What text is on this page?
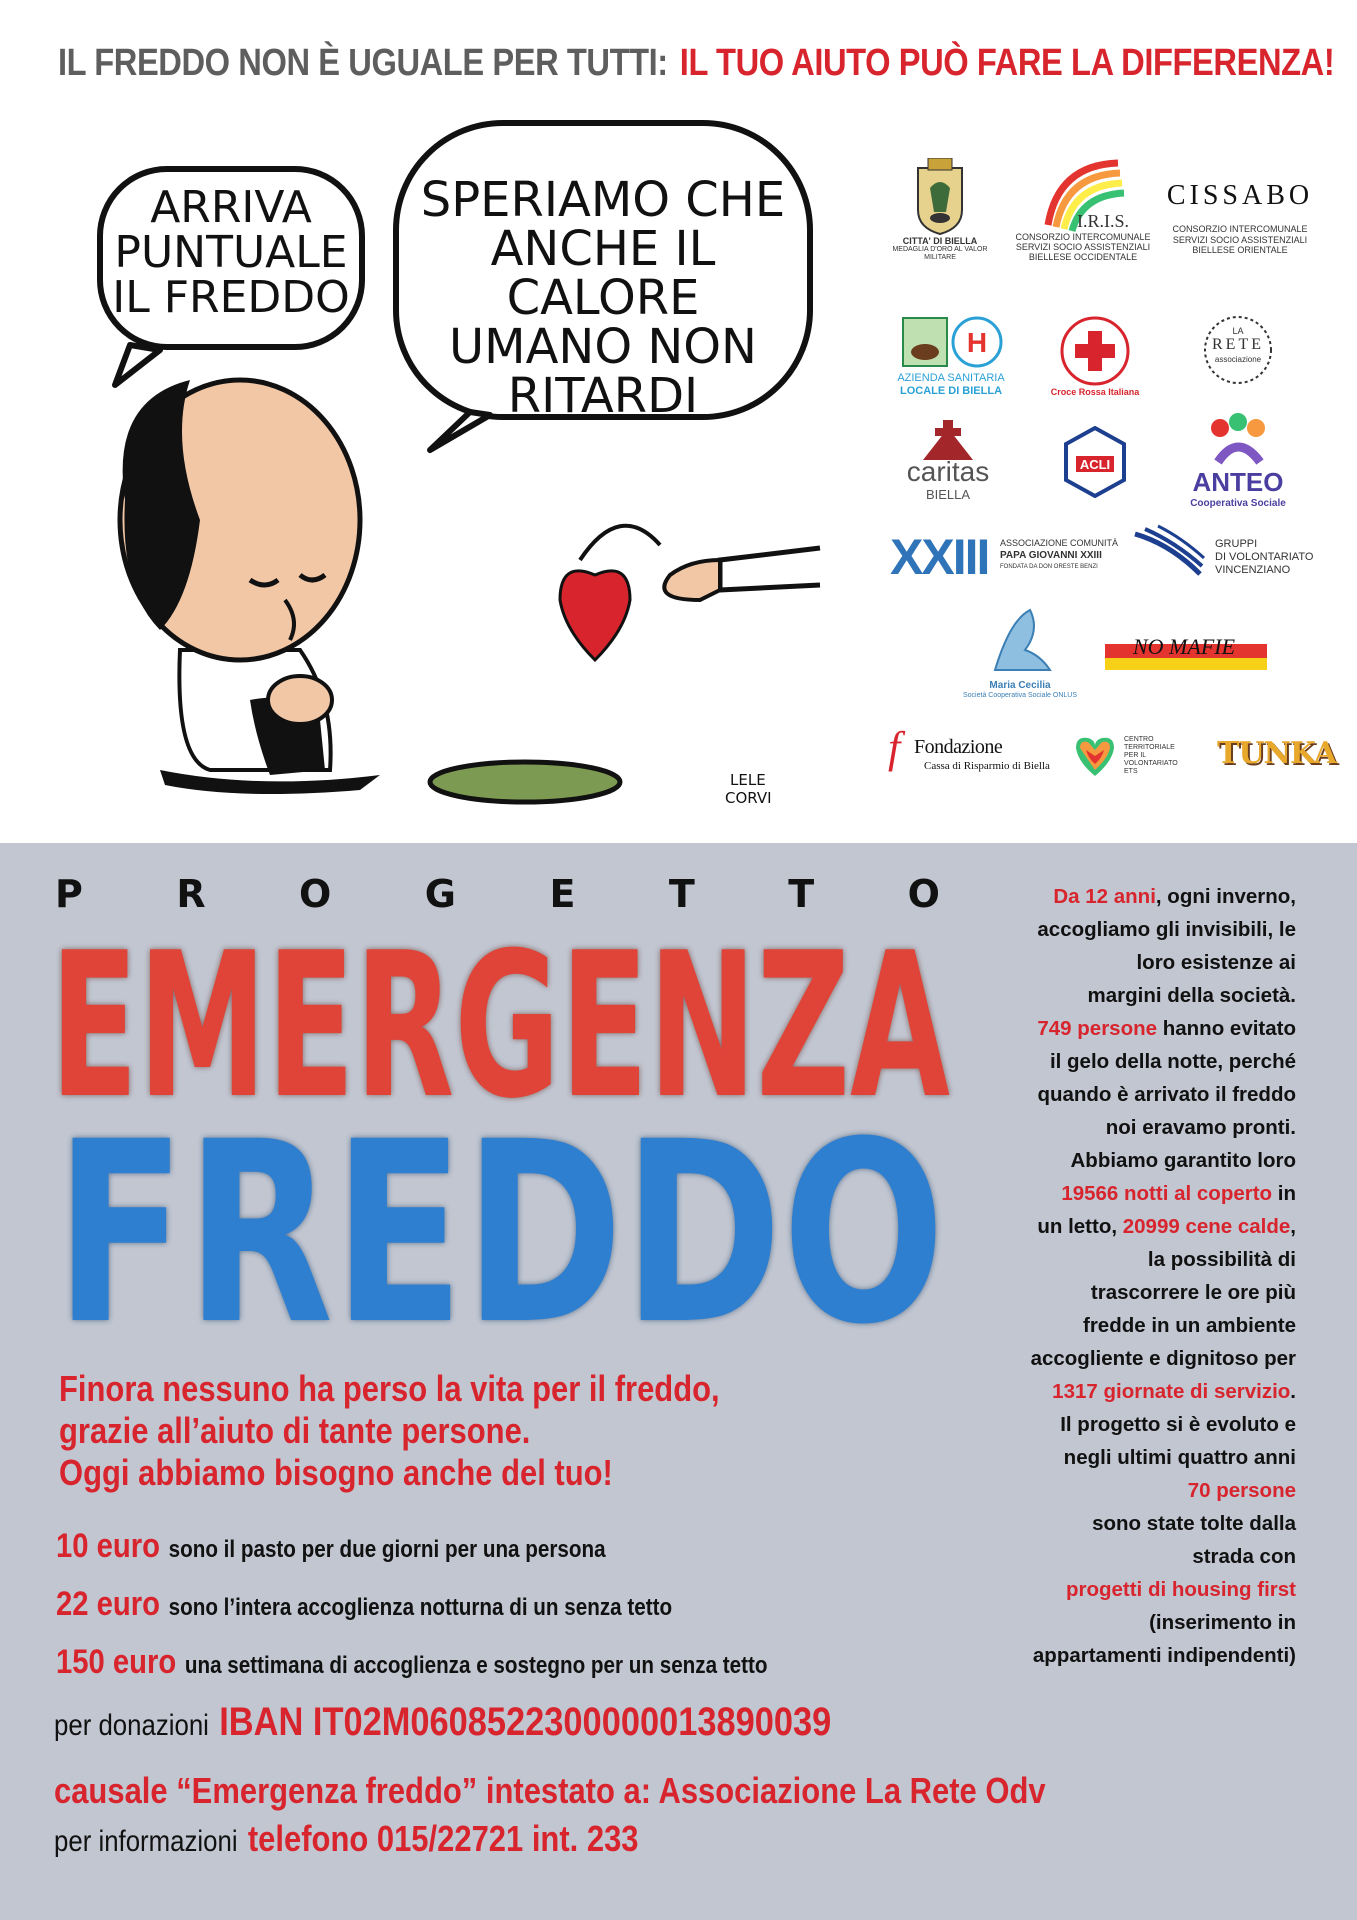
IL FREDDO NON È UGUALE PER TUTTI: IL TUO AIUTO PUÒ FARE LA DIFFERENZA!
ARRIVA
PUNTUALE
IL FREDDO
SPERIAMO CHE
ANCHE IL CALORE
UMANO NON
RITARDI
LELE
CORVI
CITTA' DI BIELLA
MEDAGLIA D'ORO AL VALOR MILITARE
I.R.I.S.
CONSORZIO INTERCOMUNALE
SERVIZI SOCIO ASSISTENZIALI
BIELLESE OCCIDENTALE
CISSABO
CONSORZIO INTERCOMUNALE
SERVIZI SOCIO ASSISTENZIALI
BIELLESE ORIENTALE
H
AZIENDA SANITARIA
LOCALE DI BIELLA	Croce Rossa Italiana
LA
RETE
associazione
caritas
BIELLA
ACLI
ANTEO
Cooperativa Sociale
XXIII ASSOCIAZIONE COMUNITÀ
PAPA GIOVANNI XXIII
FONDATA DA DON ORESTE BENZI
GRUPPI
DI VOLONTARIATO
VINCENZIANO
Maria Cecilia
Società Cooperativa Sociale ONLUS
NO MAFIE
f Fondazione
Cassa di Risparmio di Biella
CENTRO
TERRITORIALE
PER IL
VOLONTARIATO
ETS
TUNKA
P R O G E T T O
EMERGENZA
EMERGENZA
FREDDO
FREDDO
Finora nessuno ha perso la vita per il freddo,
grazie all’aiuto di tante persone.
Oggi abbiamo bisogno anche del tuo!
10 euro sono il pasto per due giorni per una persona
22 euro sono l’intera accoglienza notturna di un senza tetto
150 euro una settimana di accoglienza e sostegno per un senza tetto
per donazioni IBAN IT02M0608522300000013890039
causale “Emergenza freddo” intestato a: Associazione La Rete Odv
per informazioni telefono 015/22721 int. 233
Da 12 anni, ogni inverno,
accogliamo gli invisibili, le
loro esistenze ai
margini della società.
749 persone hanno evitato
il gelo della notte, perché
quando è arrivato il freddo
noi eravamo pronti.
Abbiamo garantito loro
19566 notti al coperto in
un letto, 20999 cene calde,
la possibilità di
trascorrere le ore più
fredde in un ambiente
accogliente e dignitoso per
1317 giornate di servizio.
Il progetto si è evoluto e
negli ultimi quattro anni
70 persone
sono state tolte dalla
strada con
progetti di housing first
(inserimento in
appartamenti indipendenti)
